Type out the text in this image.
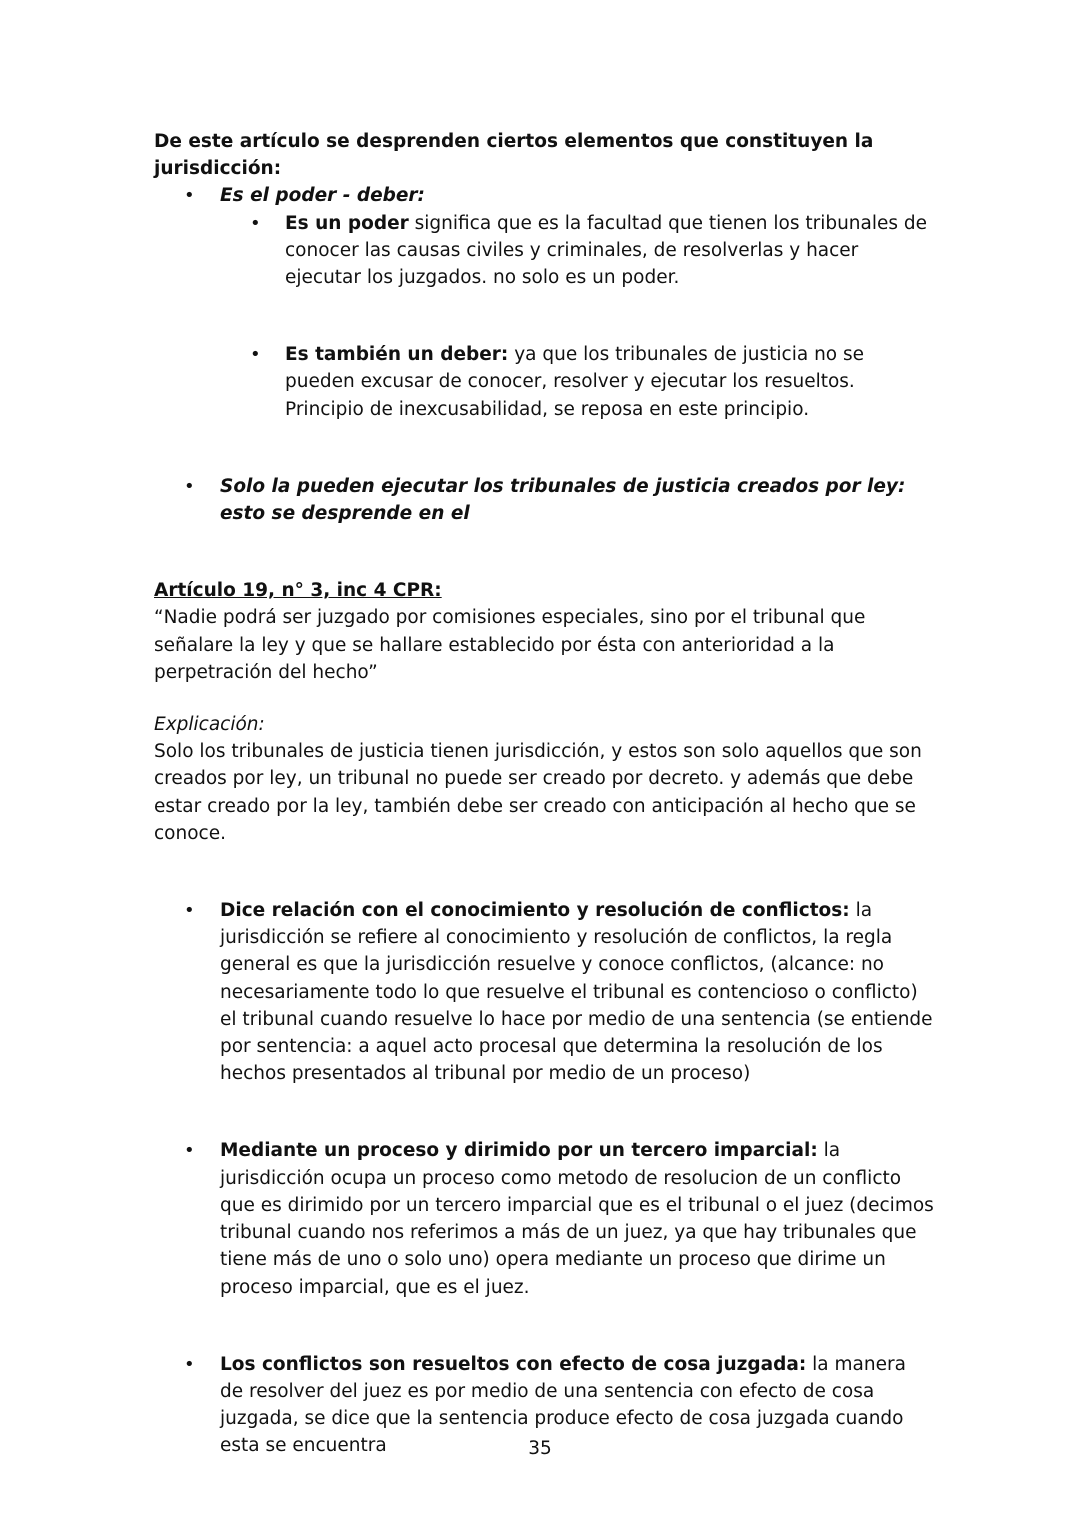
De este artículo se desprenden ciertos elementos que constituyen la jurisdicción:

•

Es el poder - deber:

•

Es un poder significa que es la facultad que tienen los tribunales de conocer las causas civiles y criminales, de resolverlas y hacer ejecutar los juzgados. no solo es un poder.

•

Es también un deber: ya que los tribunales de justicia no se pueden excusar de conocer, resolver y ejecutar los resueltos. Principio de inexcusabilidad, se reposa en este principio.

•

Solo la pueden ejecutar los tribunales de justicia creados por ley: esto se desprende en el

Artículo 19, n° 3, inc 4 CPR:

“Nadie podrá ser juzgado por comisiones especiales, sino por el tribunal que señalare la ley y que se hallare establecido por ésta con anterioridad a la perpetración del hecho”

Explicación:

Solo los tribunales de justicia tienen jurisdicción, y estos son solo aquellos que son creados por ley, un tribunal no puede ser creado por decreto. y además que debe estar creado por la ley, también debe ser creado con anticipación al hecho que se conoce.

•

Dice relación con el conocimiento y resolución de conflictos: la jurisdicción se refiere al conocimiento y resolución de conflictos, la regla general es que la jurisdicción resuelve y conoce conflictos, (alcance: no necesariamente todo lo que resuelve el tribunal es contencioso o conflicto) el tribunal cuando resuelve lo hace por medio de una sentencia (se entiende por sentencia: a aquel acto procesal que determina la resolución de los hechos presentados al tribunal por medio de un proceso)

•

Mediante un proceso y dirimido por un tercero imparcial: la jurisdicción ocupa un proceso como metodo de resolucion de un conflicto que es dirimido por un tercero imparcial que es el tribunal o el juez (decimos tribunal cuando nos referimos a más de un juez, ya que hay tribunales que tiene más de uno o solo uno) opera mediante un proceso que dirime un proceso imparcial, que es el juez.

•

Los conflictos son resueltos con efecto de cosa juzgada: la manera de resolver del juez es por medio de una sentencia con efecto de cosa juzgada, se dice que la sentencia produce efecto de cosa juzgada cuando esta se encuentra	35
